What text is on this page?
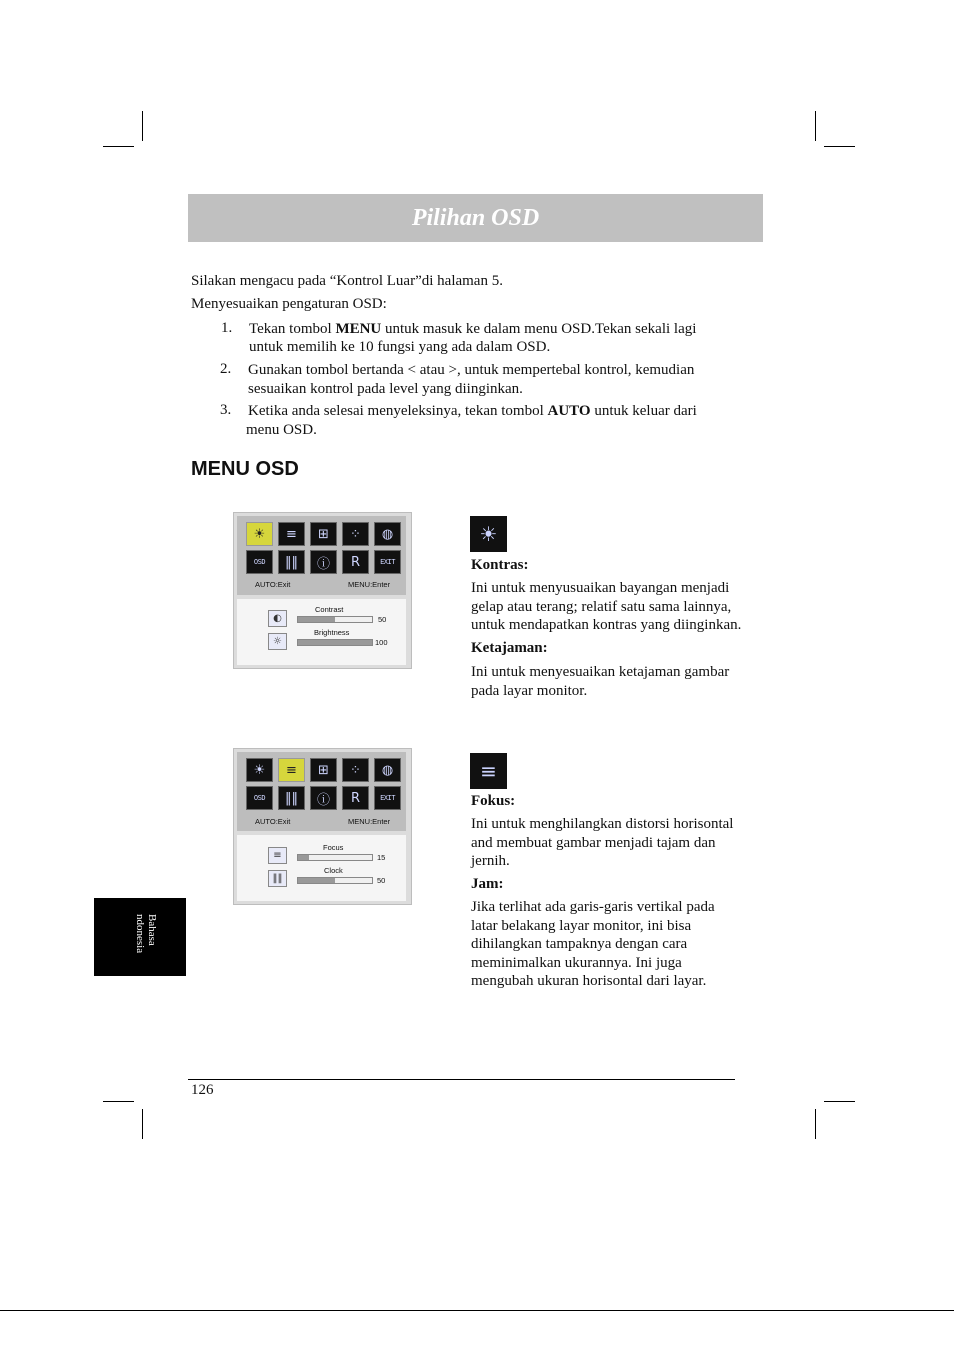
Pilihan OSD
Silakan mengacu pada “Kontrol Luar”di halaman 5.
Menyesuaikan pengaturan OSD:
1. Tekan tombol MENU untuk masuk ke dalam menu OSD.Tekan sekali lagi
untuk memilih ke 10 fungsi yang ada dalam OSD.
2. Gunakan tombol bertanda < atau >, untuk mempertebal kontrol, kemudian
sesuaikan kontrol pada level yang diinginkan.
3. Ketika anda selesai menyeleksinya, tekan tombol AUTO untuk keluar dari
menu OSD.
MENU OSD
☀	≡	⊞	⁘	◍
OSD	‖‖	ⓘ	R	EXIT
AUTO:Exit	MENU:Enter
◐
Contrast
50
☼
Brightness
100
☀
Kontras:
Ini untuk menyusuaikan bayangan menjadi
gelap atau terang; relatif satu sama lainnya,
untuk mendapatkan kontras yang diinginkan.
Ketajaman:
Ini untuk menyesuaikan ketajaman gambar
pada layar monitor.
☀	≡	⊞	⁘	◍
OSD	‖‖	ⓘ	R	EXIT
AUTO:Exit	MENU:Enter
≡
Focus
15
‖‖
Clock
50
≡
Fokus:
Ini untuk menghilangkan distorsi horisontal
and membuat gambar menjadi tajam dan
jernih.
Jam:
Jika terlihat ada garis-garis vertikal pada
latar belakang layar monitor, ini bisa
dihilangkan tampaknya dengan cara
meminimalkan ukurannya. Ini juga
mengubah ukuran horisontal dari layar.
Bahasa ndonesia
126
